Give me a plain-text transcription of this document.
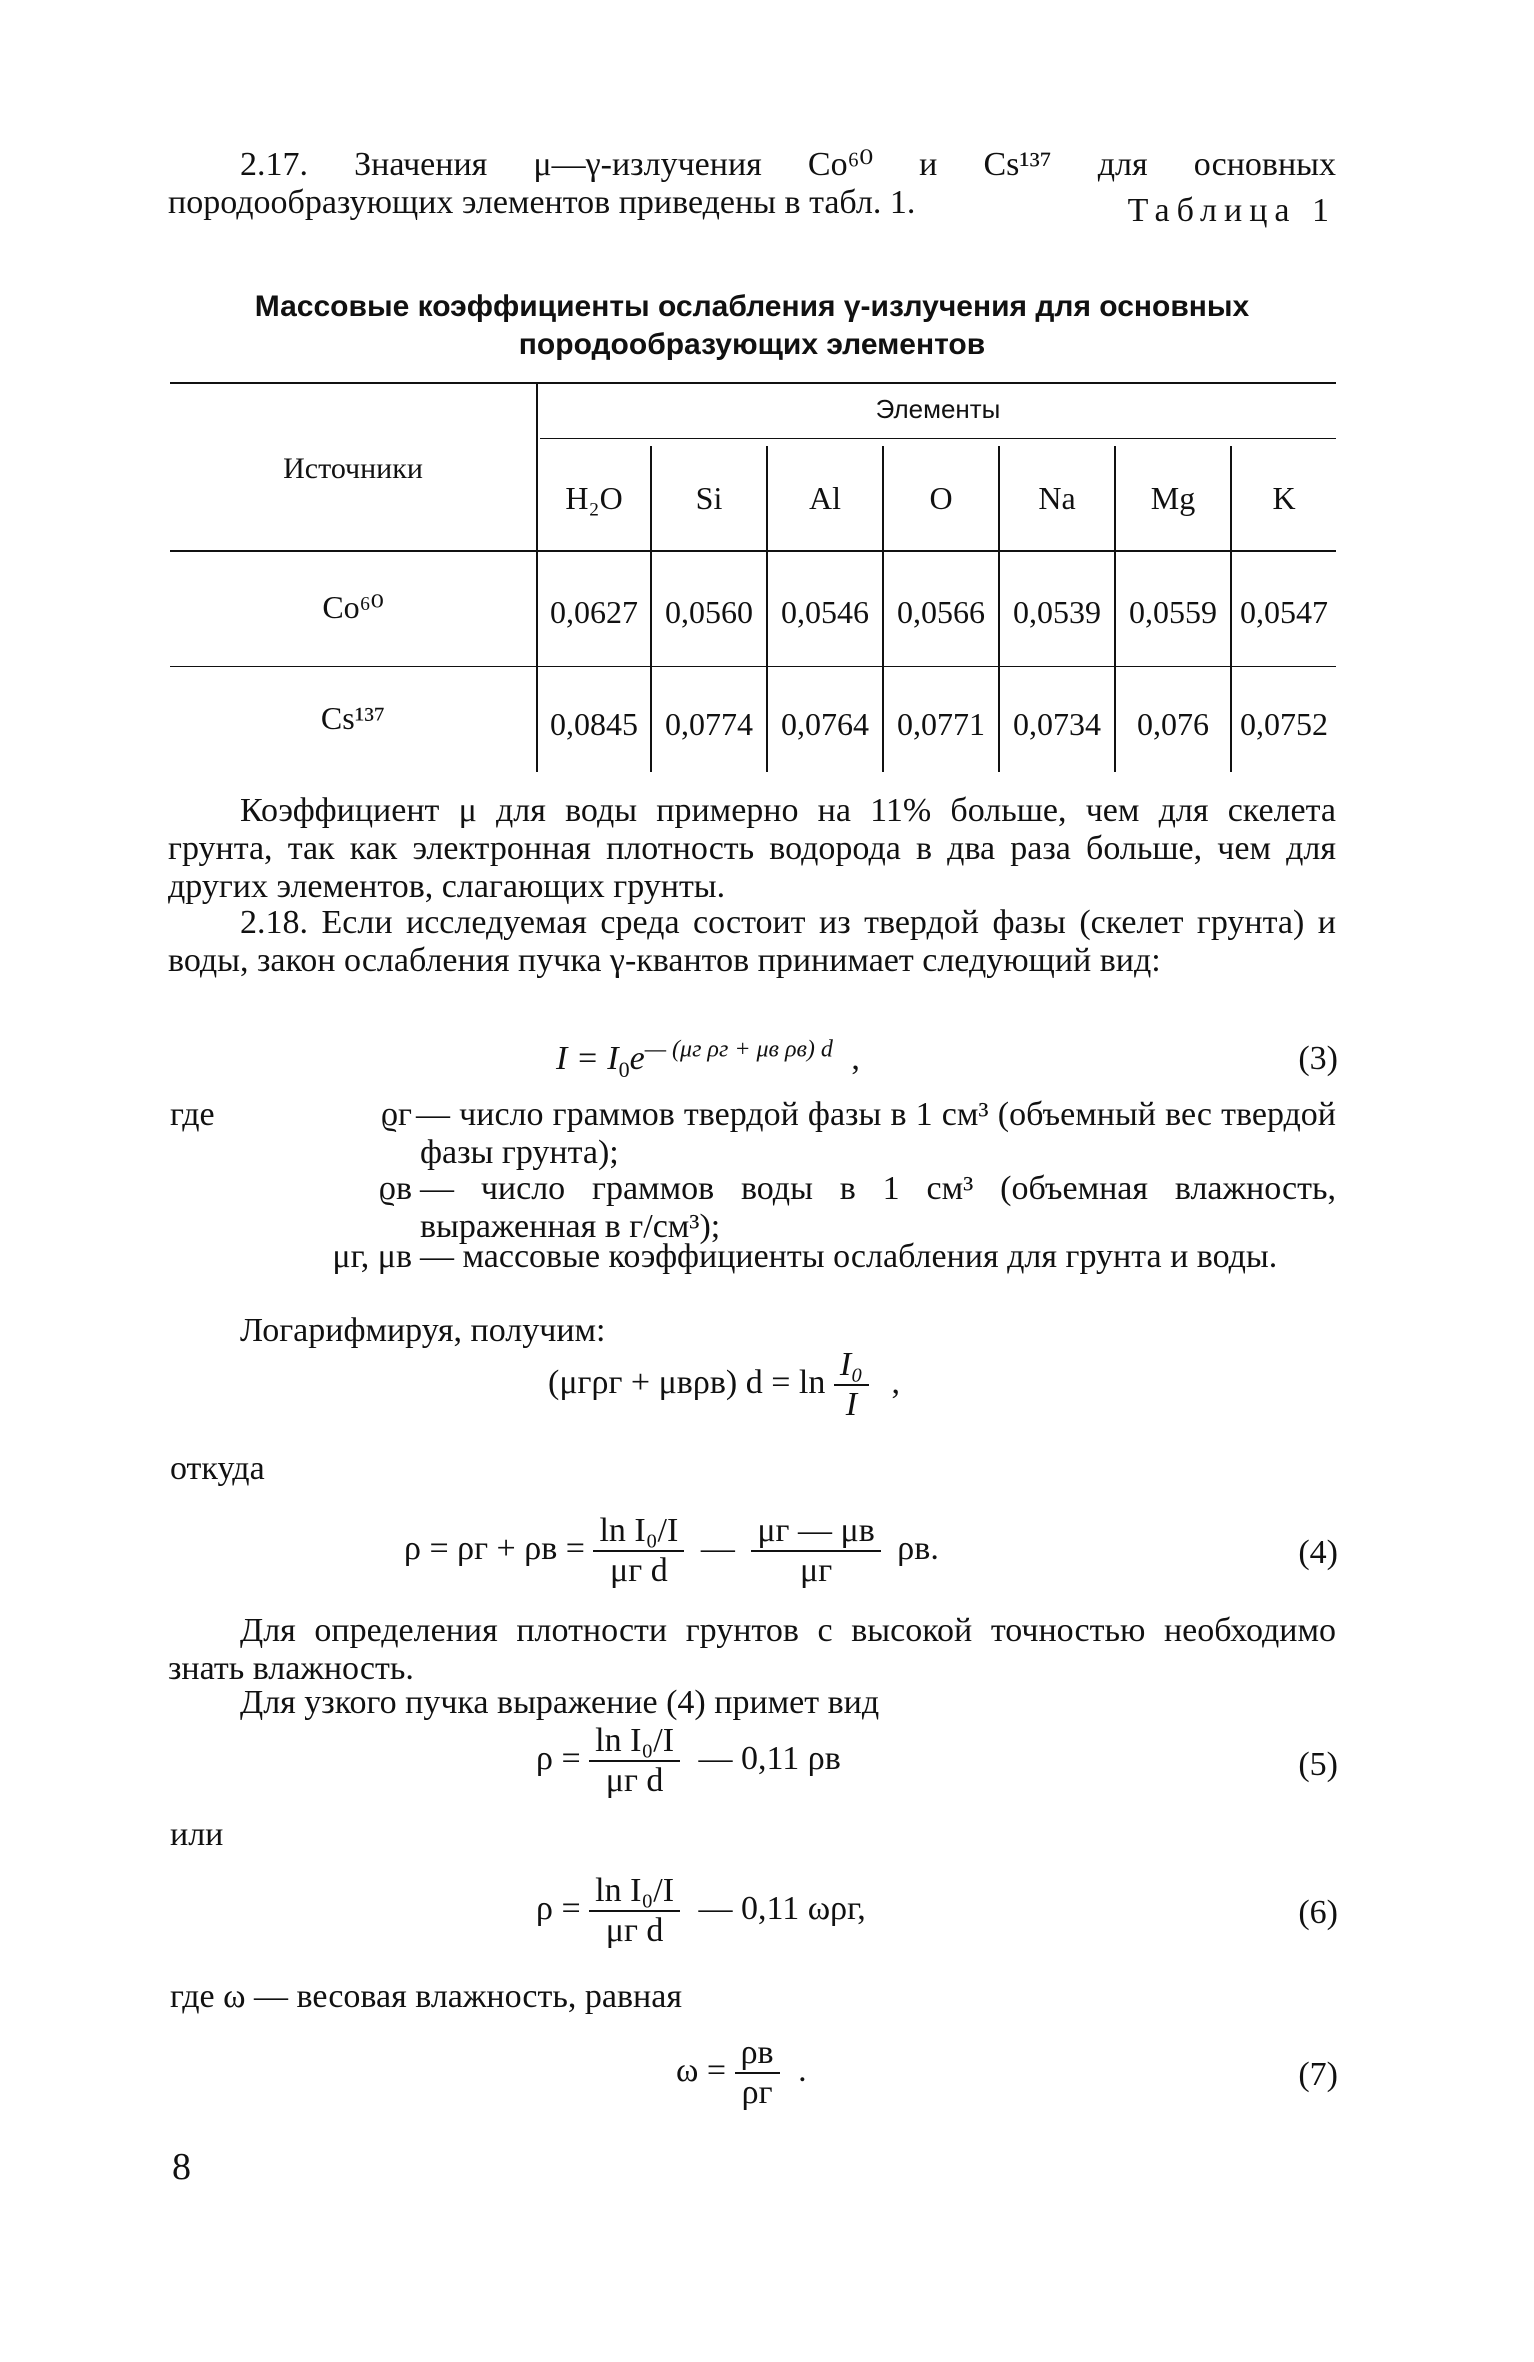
2.17. Значения μ—γ-излучения Co⁶⁰ и Cs¹³⁷ для основных породообразующих элементов приведены в табл. 1.	Таблица 1
Массовые коэффициенты ослабления γ-излучения для основных
породообразующих элементов
Источники
Элементы
H₂O	Si	Al	O	Na	Mg	K
Co⁶⁰	0,0627 0,0560 0,0546 0,0566 0,0539 0,0559 0,0547
Cs¹³⁷	0,0845 0,0774 0,0764 0,0771 0,0734	0,076 0,0752
Коэффициент μ для воды примерно на 11% больше, чем для скелета грунта, так как электронная плотность водорода в два раза больше, чем для других элементов, слагающих грунты.
2.18. Если исследуемая среда состоит из твердой фазы (скелет грунта) и воды, закон ослабления пучка γ-квантов принимает следующий вид:
$I = I_0e^{— (\mu г \rho г + \mu в \rho в) d}$ ,	(3)
где	ϱг — число граммов твердой фазы в 1 см³ (объемный вес твердой фазы грунта);
ϱв — число граммов воды в 1 см³ (объемная влажность, выраженная в г/см³);
μг, μв — массовые коэффициенты ослабления для грунта и воды.
Логарифмируя, получим:
(μгρг + μвρв) $d = \ln \frac{\text{I₀}}{I}$ ,
откуда
$\rho = \rho г + \rho в = \frac{\text{ln I₀/I}}{\text{μг d}}$ — $\frac{\mu г — \mu в}{\mu г} \rho в$.	(4)
Для определения плотности грунтов с высокой точностью необходимо знать влажность.
Для узкого пучка выражение (4) примет вид
$\rho = \frac{\text{ln I₀/I}}{\text{μг d}}$ — 0,11 ρв	(5)
или
$\rho = \frac{\text{ln I₀/I}}{\text{μг d}}$ — 0,11 ωρг,	(6)
где ω — весовая влажность, равная
$\omega = \frac{\rho в}{\rho г}$ .	(7)
8
